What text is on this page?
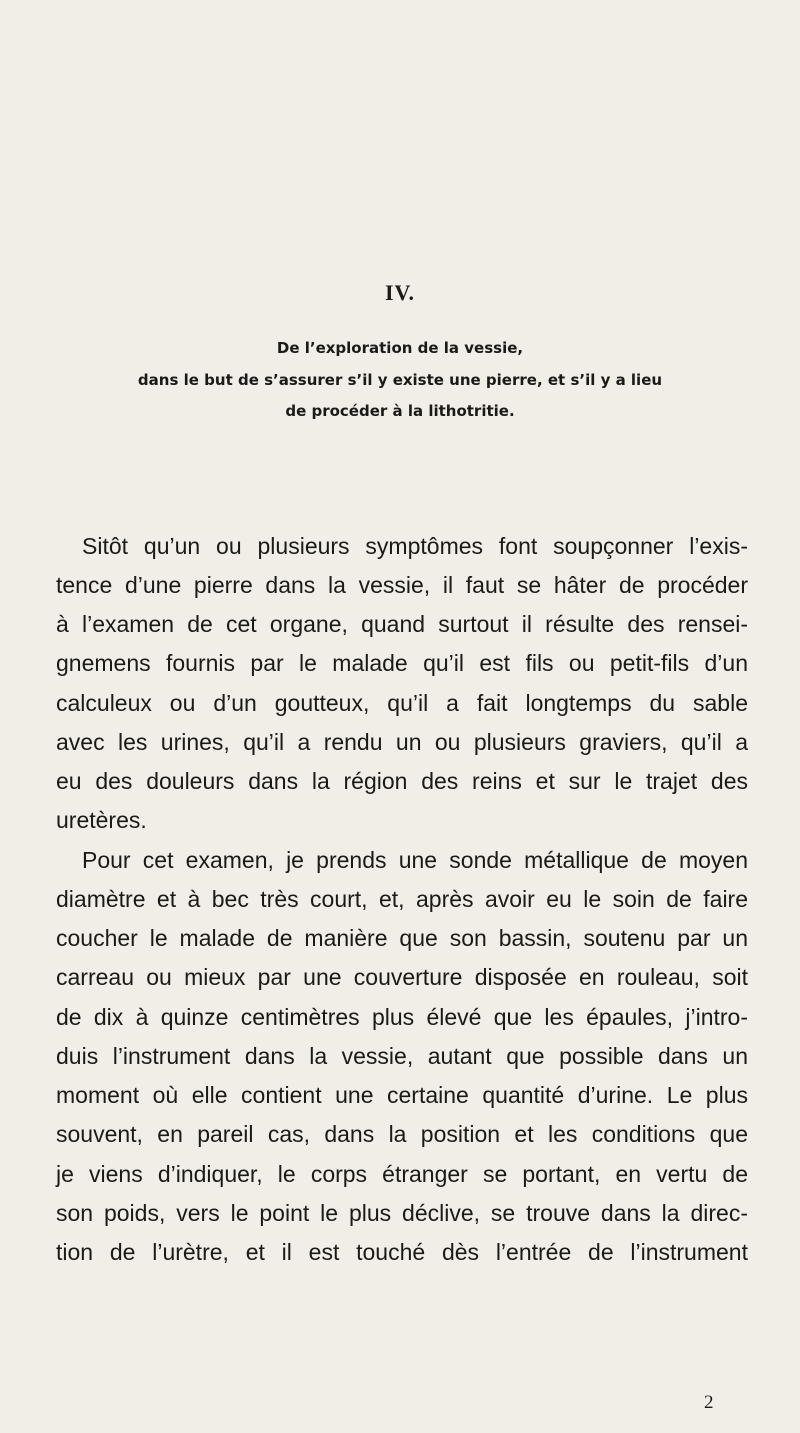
IV.
De l’exploration de la vessie,
dans le but de s’assurer s’il y existe une pierre, et s’il y a lieu
de procéder à la lithotritie.
Sitôt qu’un ou plusieurs symptômes font soupçonner l’exis-
tence d’une pierre dans la vessie, il faut se hâter de procéder
à l’examen de cet organe, quand surtout il résulte des rensei-
gnemens fournis par le malade qu’il est fils ou petit-fils d’un
calculeux ou d’un goutteux, qu’il a fait longtemps du sable
avec les urines, qu’il a rendu un ou plusieurs graviers, qu’il a
eu des douleurs dans la région des reins et sur le trajet des
uretères.
Pour cet examen, je prends une sonde métallique de moyen
diamètre et à bec très court, et, après avoir eu le soin de faire
coucher le malade de manière que son bassin, soutenu par un
carreau ou mieux par une couverture disposée en rouleau, soit
de dix à quinze centimètres plus élevé que les épaules, j’intro-
duis l’instrument dans la vessie, autant que possible dans un
moment où elle contient une certaine quantité d’urine. Le plus
souvent, en pareil cas, dans la position et les conditions que
je viens d’indiquer, le corps étranger se portant, en vertu de
son poids, vers le point le plus déclive, se trouve dans la direc-
tion de l’urètre, et il est touché dès l’entrée de l’instrument
2
